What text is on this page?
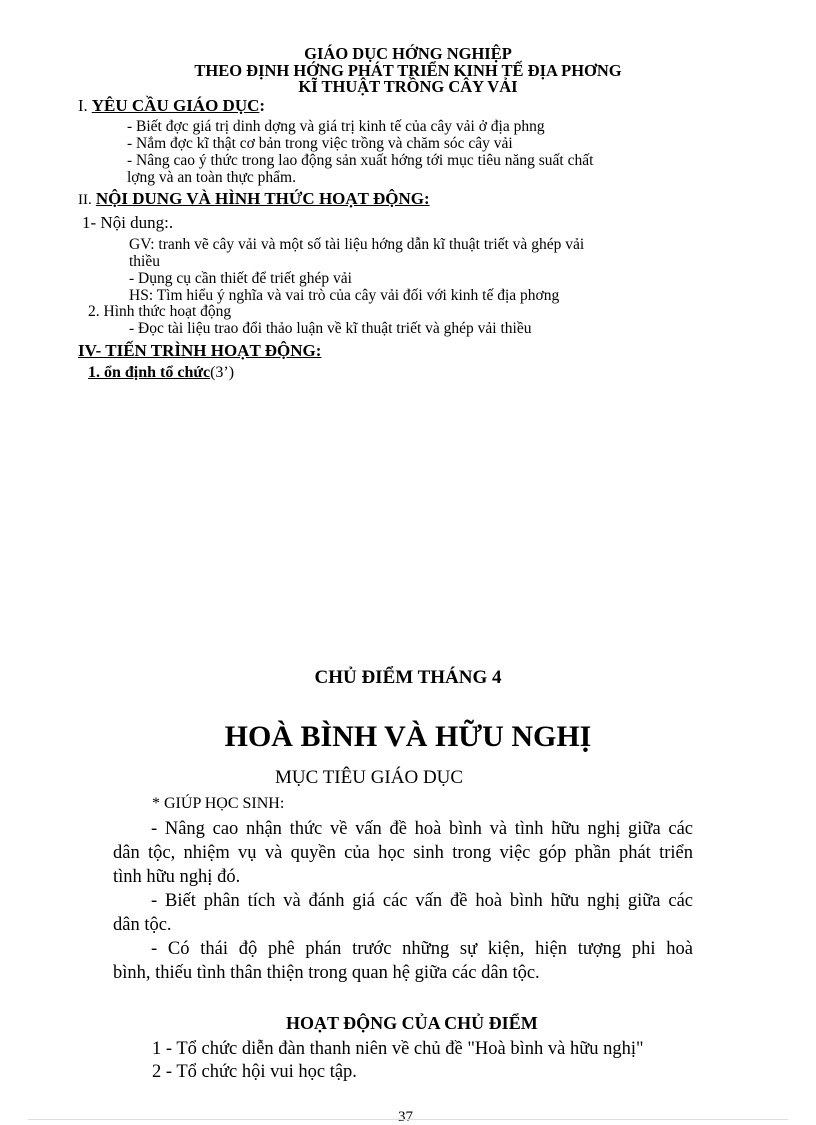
GIÁO DỤC HỚNG NGHIỆP
THEO ĐỊNH HỚNG PHÁT TRIỂN KINH TẾ ĐỊA PHƠNG
KĨ THUẬT TRỒNG CÂY VẢI
I. YÊU CẦU GIÁO DỤC:
- Biết đợc giá trị dinh dợng và giá trị kinh tế của cây vải ở địa phng
- Nắm đợc kĩ thật cơ bản trong việc trồng và chăm sóc cây vải
- Nâng cao ý thức trong lao động sản xuất hớng tới mục tiêu năng suất chất
lợng và an toàn thực phẩm.
II. NỘI DUNG VÀ HÌNH THỨC HOẠT ĐỘNG:
1- Nội dung:.
GV: tranh vẽ cây vải và một số tài liệu hớng dẫn kĩ thuật triết và ghép vải
thiều
- Dụng cụ cần thiết để triết ghép vải
HS: Tìm hiểu ý nghĩa và vai trò của cây vải đối với kinh tế địa phơng
2. Hình thức hoạt động
- Đọc tài liệu trao đổi thảo luận về kĩ thuật triết và ghép vải thiều
IV- TIẾN TRÌNH HOẠT ĐỘNG:
1. ổn định tổ chức(3’)
CHỦ ĐIỂM THÁNG 4
HOÀ BÌNH VÀ HỮU NGHỊ
MỤC TIÊU GIÁO DỤC
* GIÚP HỌC SINH:
- Nâng cao nhận thức về vấn đề hoà bình và tình hữu nghị giữa các
dân tộc, nhiệm vụ và quyền của học sinh trong việc góp phần phát triển
tình hữu nghị đó.
- Biết phân tích và đánh giá các vấn đề hoà bình hữu nghị giữa các
dân tộc.
- Có thái độ phê phán trước những sự kiện, hiện tượng phi hoà
bình, thiếu tình thân thiện trong quan hệ giữa các dân tộc.
HOẠT ĐỘNG CỦA CHỦ ĐIỂM
1 - Tổ chức diễn đàn thanh niên về chủ đề "Hoà bình và hữu nghị"
2 - Tổ chức hội vui học tập.
37
